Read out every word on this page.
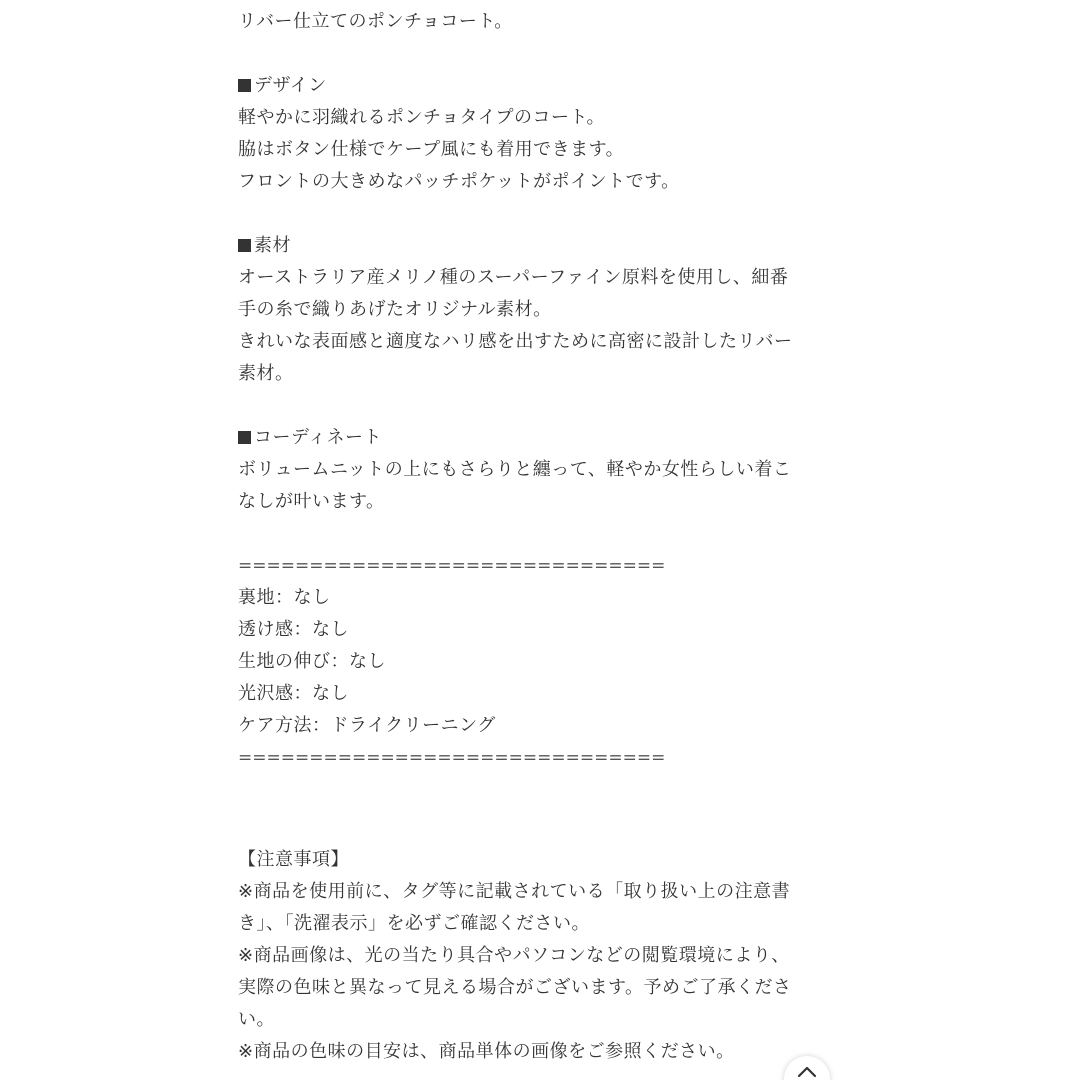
リバー仕立てのポンチョコート。
デザイン
軽やかに羽織れるポンチョタイプのコート。
脇はボタン仕様でケープ風にも着用できます。
フロントの大きめなパッチポケットがポイントです。
素材
オーストラリア産メリノ種のスーパーファイン原料を使用し、細番
手の糸で織りあげたオリジナル素材。
きれいな表面感と適度なハリ感を出すために高密に設計したリバー
素材。
コーディネート
ボリュームニットの上にもさらりと纏って、軽やか女性らしい着こ
なしが叶います。
==============================
裏地：なし
透け感：なし
生地の伸び：なし
光沢感：なし
ケア方法：ドライクリーニング
==============================
【注意事項】
※商品を使用前に、タグ等に記載されている「取り扱い上の注意書
き」、「洗濯表示」を必ずご確認ください。
※商品画像は、光の当たり具合やパソコンなどの閲覧環境により、
実際の色味と異なって見える場合がございます。予めご了承くださ
い。
※商品の色味の目安は、商品単体の画像をご参照ください。
